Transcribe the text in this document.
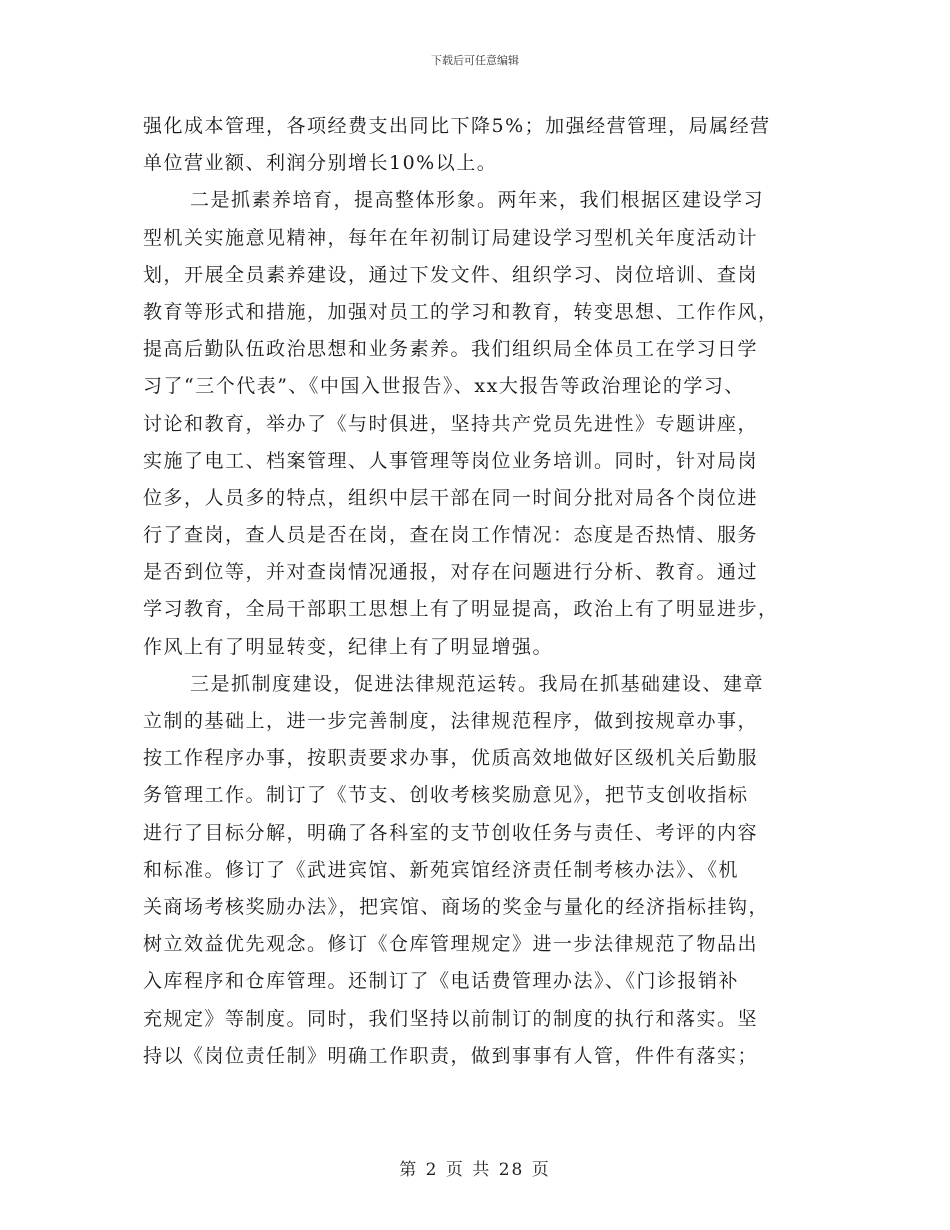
下载后可任意编辑
强化成本管理，各项经费支出同比下降5%；加强经营管理，局属经营
单位营业额、利润分别增长10%以上。
二是抓素养培育，提高整体形象。两年来，我们根据区建设学习
型机关实施意见精神，每年在年初制订局建设学习型机关年度活动计
划，开展全员素养建设，通过下发文件、组织学习、岗位培训、查岗
教育等形式和措施，加强对员工的学习和教育，转变思想、工作作风，
提高后勤队伍政治思想和业务素养。我们组织局全体员工在学习日学
习了“三个代表”、《中国入世报告》、xx大报告等政治理论的学习、
讨论和教育，举办了《与时俱进，坚持共产党员先进性》专题讲座，
实施了电工、档案管理、人事管理等岗位业务培训。同时，针对局岗
位多，人员多的特点，组织中层干部在同一时间分批对局各个岗位进
行了查岗，查人员是否在岗，查在岗工作情况：态度是否热情、服务
是否到位等，并对查岗情况通报，对存在问题进行分析、教育。通过
学习教育，全局干部职工思想上有了明显提高，政治上有了明显进步，
作风上有了明显转变，纪律上有了明显增强。
三是抓制度建设，促进法律规范运转。我局在抓基础建设、建章
立制的基础上，进一步完善制度，法律规范程序，做到按规章办事，
按工作程序办事，按职责要求办事，优质高效地做好区级机关后勤服
务管理工作。制订了《节支、创收考核奖励意见》，把节支创收指标
进行了目标分解，明确了各科室的支节创收任务与责任、考评的内容
和标准。修订了《武进宾馆、新苑宾馆经济责任制考核办法》、《机
关商场考核奖励办法》，把宾馆、商场的奖金与量化的经济指标挂钩，
树立效益优先观念。修订《仓库管理规定》进一步法律规范了物品出
入库程序和仓库管理。还制订了《电话费管理办法》、《门诊报销补
充规定》等制度。同时，我们坚持以前制订的制度的执行和落实。坚
持以《岗位责任制》明确工作职责，做到事事有人管，件件有落实；
第 2 页 共 28 页
